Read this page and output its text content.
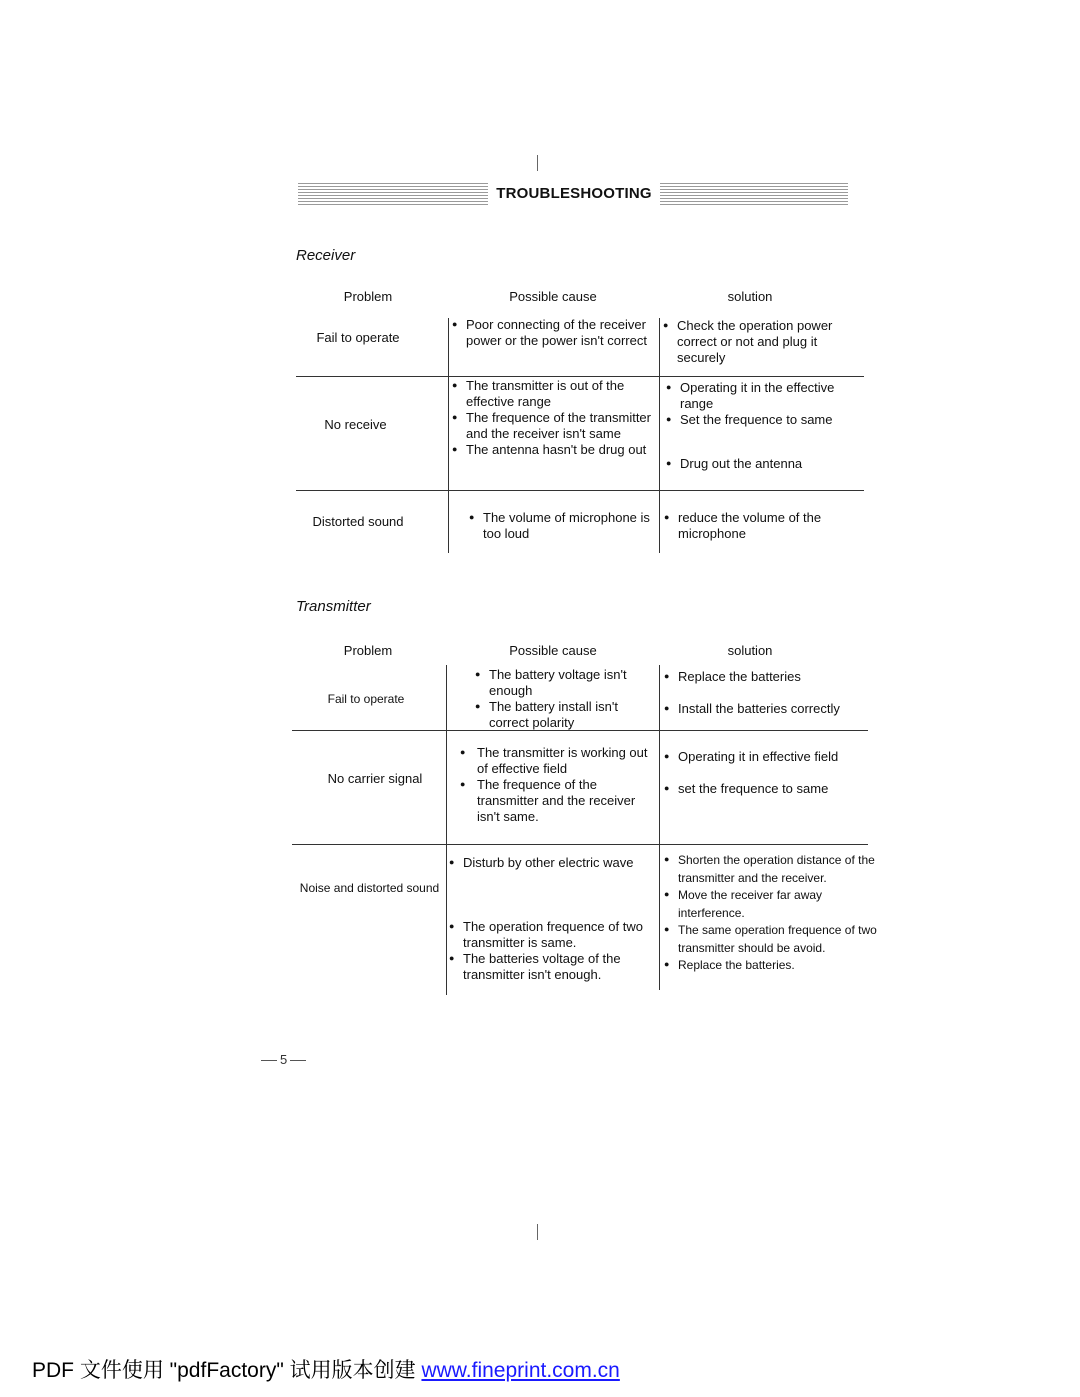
TROUBLESHOOTING
Receiver
Problem	Possible cause	solution
Fail to operate
● Poor connecting of the receiver power or the power isn't correct
● Check the operation power correct or not and plug it securely
No receive
● The transmitter is out of the effective range
● The frequence of the transmitter and the receiver isn't same
● The antenna hasn't be drug out
● Operating it in the effective range
● Set the frequence to same
● Drug out the antenna
Distorted sound
●	The volume of microphone is too loud
● reduce the volume of the microphone
Transmitter
Problem	Possible cause	solution
Fail to operate
● The battery voltage isn't enough
● The battery install isn't correct polarity
● Replace the batteries
● Install the batteries correctly
No carrier signal
● The transmitter is working out of effective field
● The frequence of the transmitter and the receiver isn't same.
● Operating it in effective field
● set the frequence to same
Noise and distorted sound
● Disturb by other electric wave
● The operation frequence of two transmitter is same.
● The batteries voltage of the transmitter isn't enough.
● Shorten the operation distance of the transmitter and the receiver.
● Move the receiver far away interference.
● The same operation frequence of two transmitter should be avoid.
● Replace the batteries.
5
PDF 文件使用 "pdfFactory" 试用版本创建 www.fineprint.com.cn
